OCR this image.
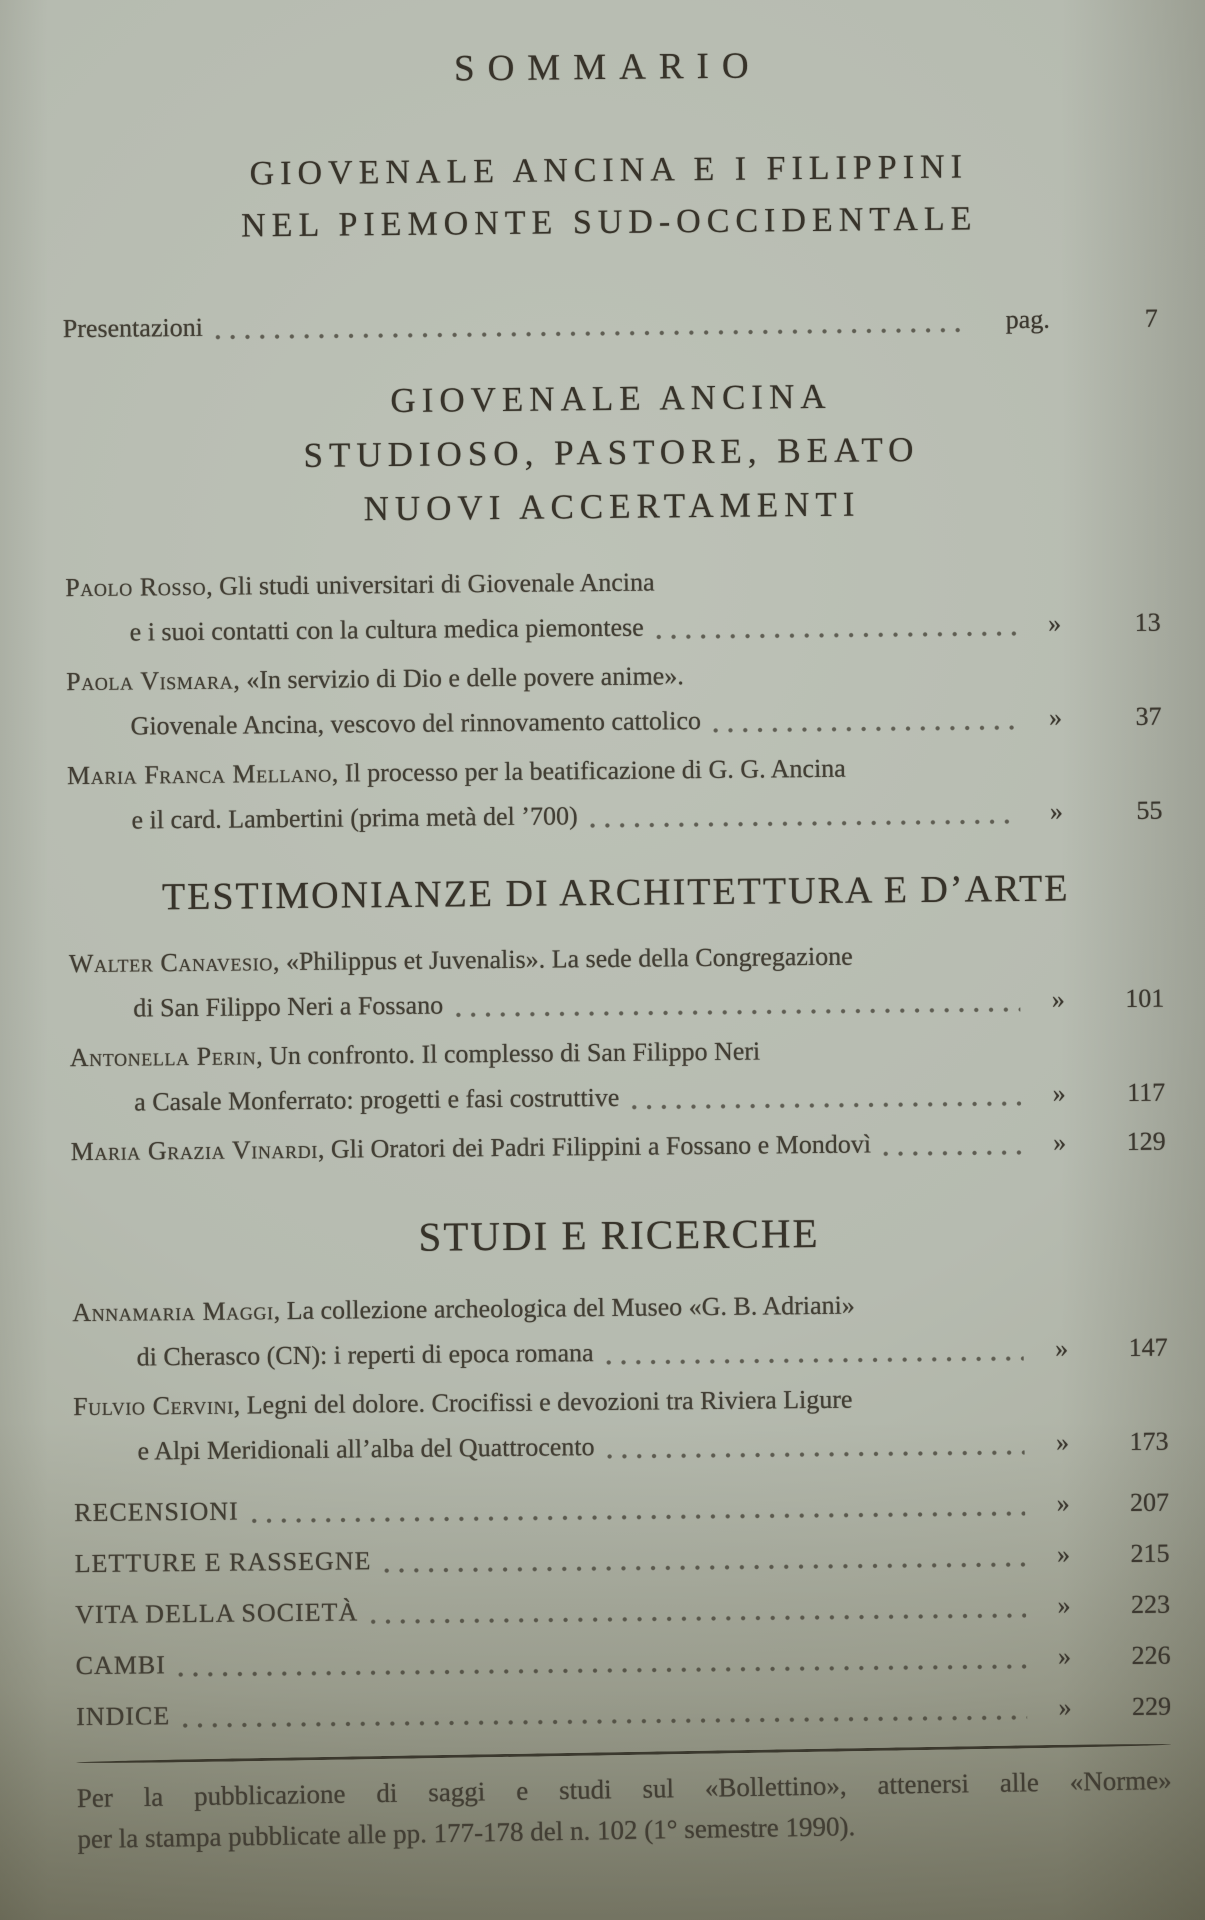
SOMMARIO
GIOVENALE ANCINA E I FILIPPINI
NEL PIEMONTE SUD-OCCIDENTALE
Presentazioni	pag.	7
GIOVENALE ANCINA
STUDIOSO, PASTORE, BEATO
NUOVI ACCERTAMENTI
Paolo Rosso, Gli studi universitari di Giovenale Ancina
e i suoi contatti con la cultura medica piemontese	»	13
Paola Vismara, «In servizio di Dio e delle povere anime».
Giovenale Ancina, vescovo del rinnovamento cattolico	»	37
Maria Franca Mellano, Il processo per la beatificazione di G. G. Ancina
e il card. Lambertini (prima metà del ’700)	»	55
TESTIMONIANZE DI ARCHITETTURA E D’ARTE
Walter Canavesio, «Philippus et Juvenalis». La sede della Congregazione
di San Filippo Neri a Fossano	»	101
Antonella Perin, Un confronto. Il complesso di San Filippo Neri
a Casale Monferrato: progetti e fasi costruttive	»	117
Maria Grazia Vinardi , Gli Oratori dei Padri Filippini a Fossano e Mondovì	»	129
STUDI E RICERCHE
Annamaria Maggi, La collezione archeologica del Museo «G. B. Adriani»
di Cherasco (CN): i reperti di epoca romana	»	147
Fulvio Cervini, Legni del dolore. Crocifissi e devozioni tra Riviera Ligure
e Alpi Meridionali all’alba del Quattrocento	»	173
RECENSIONI	»	207
LETTURE E RASSEGNE	»	215
VITA DELLA SOCIETÀ	»	223
CAMBI	»	226
INDICE	»	229
Per la pubblicazione di saggi e studi sul «Bollettino», attenersi alle «Norme»
per la stampa pubblicate alle pp. 177-178 del n. 102 (1° semestre 1990).
